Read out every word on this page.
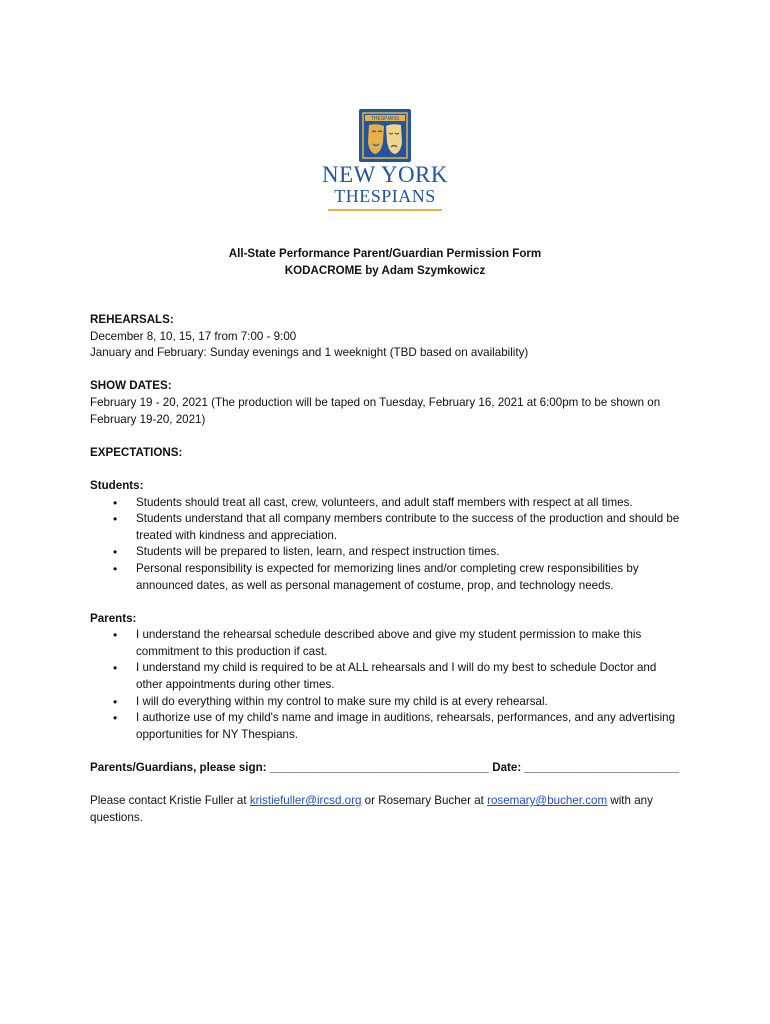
THESPIANS
NEW YORK
THESPIANS
All-State Performance Parent/Guardian Permission Form
KODACROME by Adam Szymkowicz
REHEARSALS:
December 8, 10, 15, 17 from 7:00 - 9:00
January and February: Sunday evenings and 1 weeknight (TBD based on availability)
SHOW DATES:
February 19 - 20, 2021 (The production will be taped on Tuesday, February 16, 2021 at 6:00pm to be shown on February 19-20, 2021)
EXPECTATIONS:
Students:
• Students should treat all cast, crew, volunteers, and adult staff members with respect at all times.
• Students understand that all company members contribute to the success of the production and should be treated with kindness and appreciation.
• Students will be prepared to listen, learn, and respect instruction times.
• Personal responsibility is expected for memorizing lines and/or completing crew responsibilities by announced dates, as well as personal management of costume, prop, and technology needs.
Parents:
• I understand the rehearsal schedule described above and give my student permission to make this commitment to this production if cast.
• I understand my child is required to be at ALL rehearsals and I will do my best to schedule Doctor and other appointments during other times.
• I will do everything within my control to make sure my child is at every rehearsal.
• I authorize use of my child's name and image in auditions, rehearsals, performances, and any advertising opportunities for NY Thespians.
Parents/Guardians, please sign: __________________________________ Date: ________________________
Please contact Kristie Fuller at kristiefuller@ircsd.org or Rosemary Bucher at rosemary@bucher.com with any questions.
